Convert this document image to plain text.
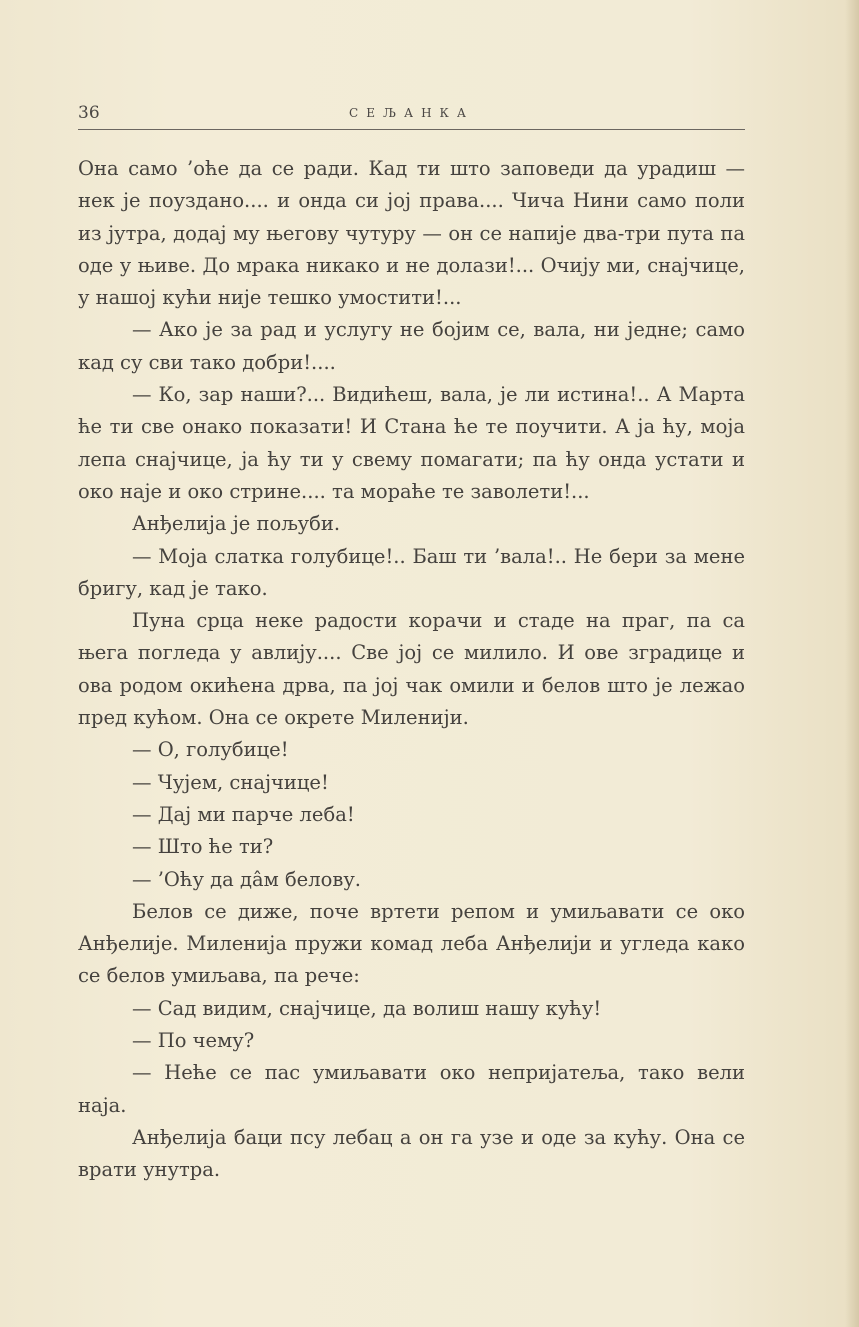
36	СЕЉАНКА

Она само ’оће да се ради. Кад ти што заповеди да урадиш — нек је поуздано.... и онда си јој права.... Чича Нини само поли из јутра, додај му његову чутуру — он се напије два-три пута па оде у њиве. До мрака никако и не долази!... Очију ми, снајчице, у нашој кући није тешко умостити!...

— Ако је за рад и услугу не бојим се, вала, ни једне; само кад су сви тако добри!....

— Ко, зар наши?... Видићеш, вала, је ли истина!.. А Марта ће ти све онако показати! И Стана ће те поучити. А ја ћу, моја лепа снајчице, ја ћу ти у свему помагати; па ћу онда устати и око наје и око стрине.... та мораће те заволети!...

Анђелија је пољуби.

— Моја слатка голубице!.. Баш ти ’вала!.. Не бери за мене бригу, кад је тако.

Пуна срца неке радости корачи и стаде на праг, па са њега погледа у авлију.... Све јој се милило. И ове зградице и ова родом окићена дрва, па јој чак омили и белов што је лежао пред кућом. Она се окрете Миленији.

— О, голубице!

— Чујем, снајчице!

— Дај ми парче леба!

— Што ће ти?

— ’Оћу да да̂м белову.

Белов се диже, поче вртети репом и умиљавати се око Анђелије. Миленија пружи комад леба Анђелији и угледа како се белов умиљава, па рече:

— Сад видим, снајчице, да волиш нашу кућу!

— По чему?

— Неће се пас умиљавати око непријатеља, тако вели наја.

Анђелија баци псу лебац а он га узе и оде за кућу. Она се врати унутра.
